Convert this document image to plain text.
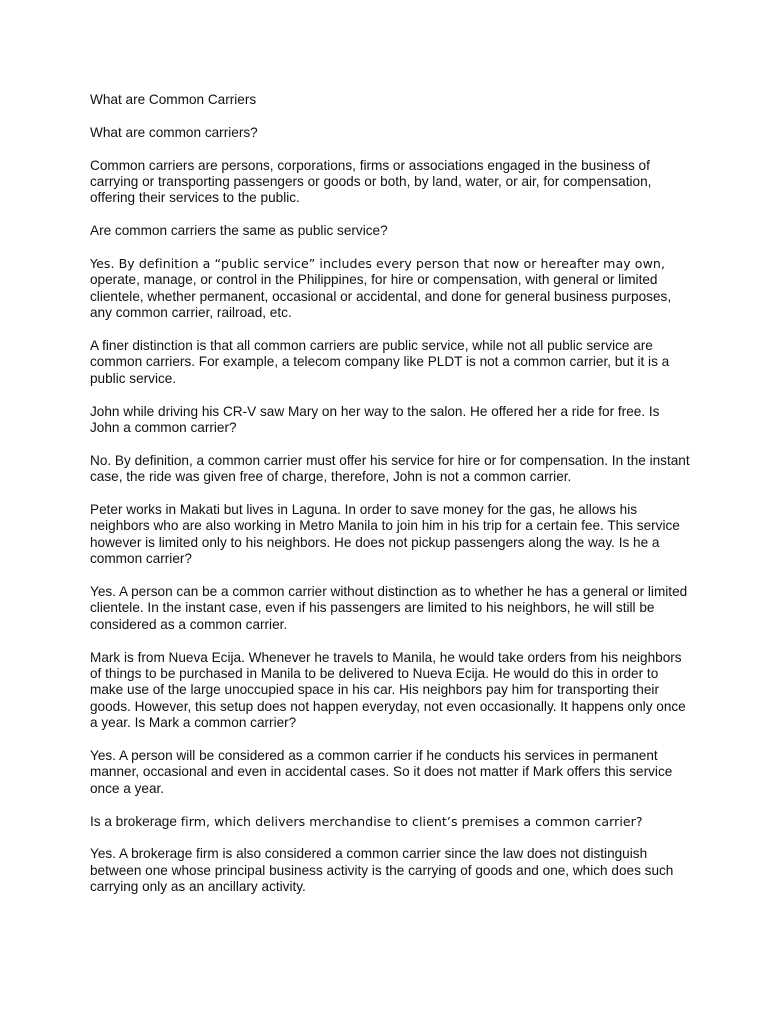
What are Common Carriers

What are common carriers?

Common carriers are persons, corporations, firms or associations engaged in the business of carrying or transporting passengers or goods or both, by land, water, or air, for compensation, offering their services to the public.

Are common carriers the same as public service?

Yes. By definition a “public service” includes every person that now or hereafter may own,
operate, manage, or control in the Philippines, for hire or compensation, with general or limited clientele, whether permanent, occasional or accidental, and done for general business purposes, any common carrier, railroad, etc.

A finer distinction is that all common carriers are public service, while not all public service are common carriers. For example, a telecom company like PLDT is not a common carrier, but it is a public service.

John while driving his CR-V saw Mary on her way to the salon. He offered her a ride for free. Is John a common carrier?

No. By definition, a common carrier must offer his service for hire or for compensation. In the instant case, the ride was given free of charge, therefore, John is not a common carrier.

Peter works in Makati but lives in Laguna. In order to save money for the gas, he allows his neighbors who are also working in Metro Manila to join him in his trip for a certain fee. This service however is limited only to his neighbors. He does not pickup passengers along the way. Is he a common carrier?

Yes. A person can be a common carrier without distinction as to whether he has a general or limited clientele. In the instant case, even if his passengers are limited to his neighbors, he will still be considered as a common carrier.

Mark is from Nueva Ecija. Whenever he travels to Manila, he would take orders from his neighbors of things to be purchased in Manila to be delivered to Nueva Ecija. He would do this in order to make use of the large unoccupied space in his car. His neighbors pay him for transporting their goods. However, this setup does not happen everyday, not even occasionally. It happens only once a year. Is Mark a common carrier?

Yes. A person will be considered as a common carrier if he conducts his services in permanent manner, occasional and even in accidental cases. So it does not matter if Mark offers this service once a year.

Is a brokerage firm, which delivers merchandise to client’s premises a common carrier?

Yes. A brokerage firm is also considered a common carrier since the law does not distinguish between one whose principal business activity is the carrying of goods and one, which does such carrying only as an ancillary activity.
